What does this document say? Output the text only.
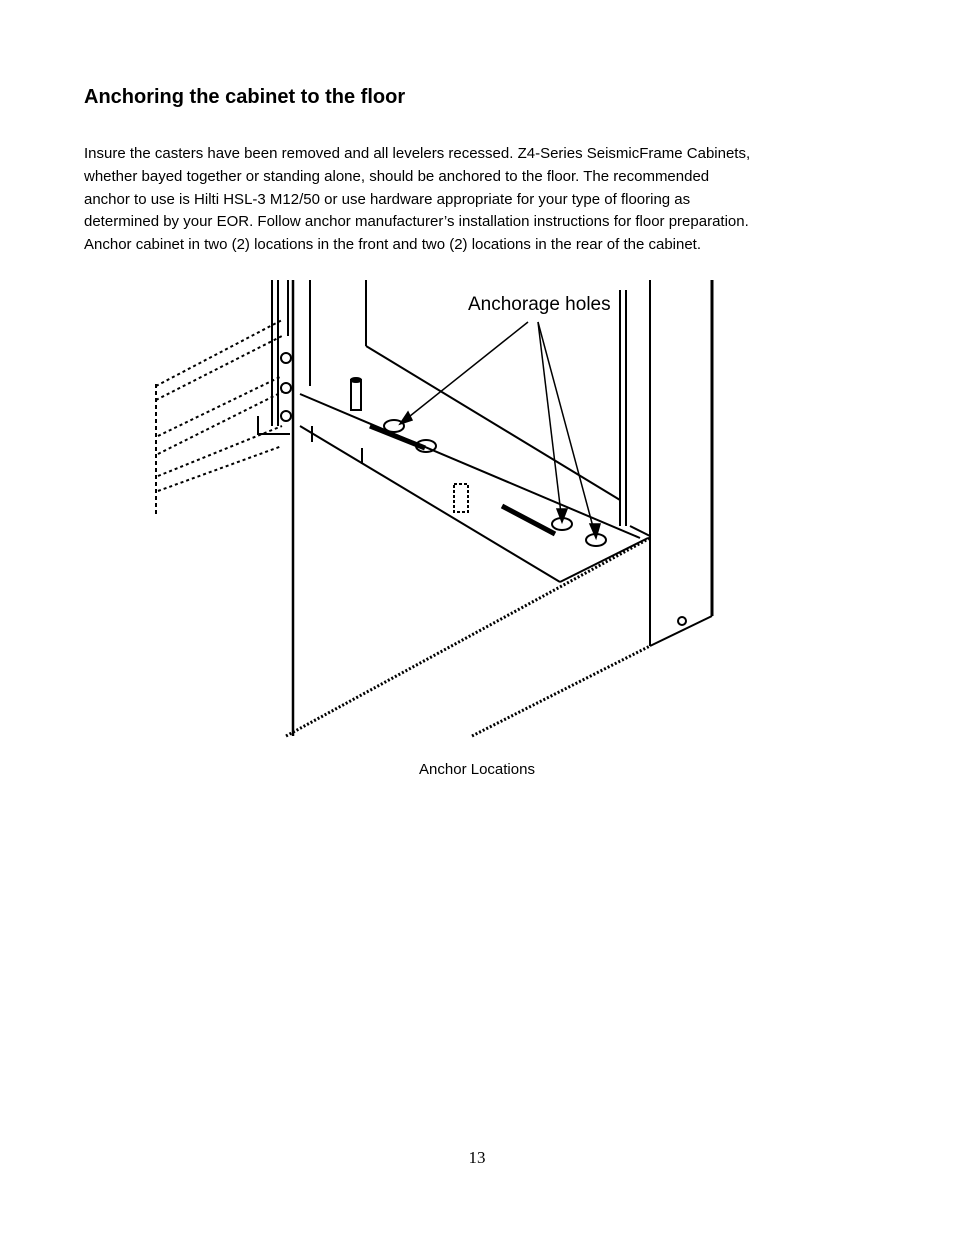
Anchoring the cabinet to the floor
Insure the casters have been removed and all levelers recessed. Z4-Series SeismicFrame Cabinets,
whether bayed together or standing alone, should be anchored to the floor. The recommended
anchor to use is Hilti HSL-3 M12/50 or use hardware appropriate for your type of flooring as
determined by your EOR. Follow anchor manufacturer’s installation instructions for floor preparation.
Anchor cabinet in two (2) locations in the front and two (2) locations in the rear of the cabinet.
Anchorage holes
Anchor Locations
13
